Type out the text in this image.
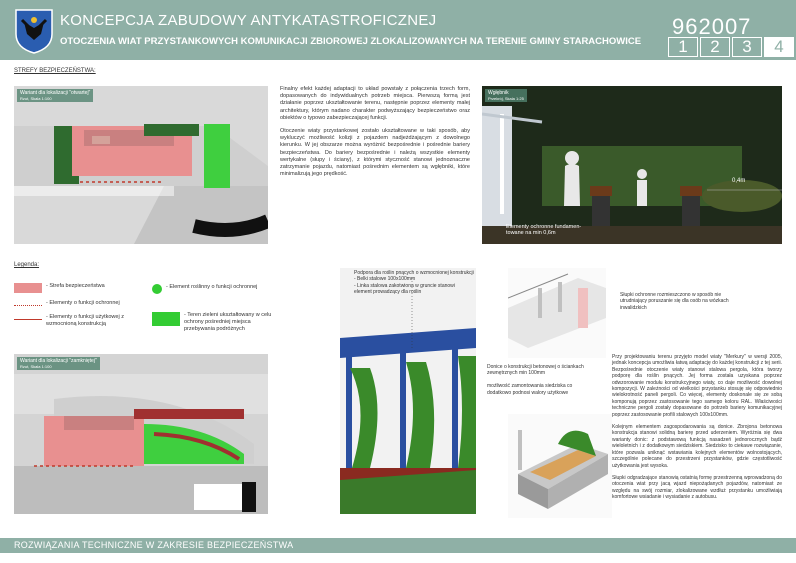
KONCEPCJA ZABUDOWY ANTYKATASTROFICZNEJ
OTOCZENIA WIAT PRZYSTANKOWYCH KOMUNIKACJI ZBIOROWEJ ZLOKALIZOWANYCH NA TERENIE GMINY STARACHOWICE
962007
1	2	3	4
STREFY BEZPIECZEŃSTWA:
Wariant dla lokalizacji "otwartej"
Rzut, Skala 1:100

Finalny efekt każdej adaptacji to układ powstały z połączenia trzech form, dopasowanych do indywidualnych potrzeb miejsca. Pierwszą formą jest działanie poprzez ukształtowanie terenu, następnie poprzez elementy małej architektury, którym nadano charakter podwyższający bezpieczeństwo oraz obiektów o typowo zabezpieczającej funkcji.

Otoczenie wiaty przystankowej zostało ukształtowane w taki sposób, aby wykluczyć możliwość kolizji z pojazdem nadjeżdżającym z dowolnego kierunku. W jej obszarze można wyróżnić bezpośrednie i pośrednie bariery bezpieczeństwa. Do bariery bezpośrednie i należą wszystkie elementy wertykalne (słupy i ściany), z którymi styczność stanowi jednoznaczne zatrzymanie pojazdu, natomiast pośrednim elementem są wgłębniki, które minimalizują jego prędkość.

Wgłębnik
Przekrój, Skala 1:25
0,4m
Elementy ochronne fundamen-
towane na min 0,6m
Legenda:
- Strefa bezpieczeństwa
- Elementy o funkcji ochronnej
- Elementy o funkcji użytkowej z wzmocnioną konstrukcją
- Element roślinny o funkcji ochronnej
- Teren zieleni ukształtowany w celu ochrony pośredniej miejsca przebywania podróżnych
Wariant dla lokalizacji "zamkniętej"
Rzut, Skala 1:100
Podpora dla roślin pnących o wzmocnionej konstrukcji
- Belki stalowe 100x100mm
- Linka stalowa zakotwiona w gruncie stanowi element prowadzący dla roślin	Słupki ochronne rozmieszczono w sposób nie utrudniający poruszanie się dla osób na wózkach inwalidzkich
Donice o konstrukcji betonowej o ściankach zewnętrznych min 100mm

możliwość zamontowania siedziska co dodatkowo podnosi walory użytkowe

Przy projektowaniu terenu przyjęto model wiaty "Merkury" w wersji 2005, jednak koncepcja umożliwia łatwą adaptację do każdej konstrukcji z tej serii. Bezpośrednie otoczenie wiaty stanowi stalowa pergola, która tworzy podporę dla roślin pnących. Jej forma została uzyskana poprzez odwzorowanie modułu konstrukcyjnego wiaty, co daje możliwość dowolnej kompozycji. W zależności od wielkości przystanku stosuję się odpowiednio wielokrotność paneli pergoli. Co więcej, elementy doskonale się ze sobą komponują poprzez zastosowanie tego samego koloru RAL. Właściwości techniczne pergoli zostały dopasowane do potrzeb bariery komunikacyjnej poprzez zastosowanie profili stalowych 100x100mm.

Kolejnym elementem zagospodarowania są donice. Zbrojona betonowa konstrukcja stanowi solidną barierę przed uderzeniem. Wyróżnia się dwa warianty donic: z podstawową funkcją nasadzeń jednorocznych bądź wieloletnich i z dodatkowym siedziskiem. Siedzisko to ciekawe rozwiązanie, które pozwala uniknąć wstawiania kolejnych elementów wolnostojących, szczególnie polecane do przestrzeni przystanków, gdzie częstotliwość użytkowania jest wysoka.

Słupki odgradzające stanowią ostatnią formę przestrzenną wprowadzoną do otoczenia wiat przy jacą wjazd niepożądanych pojazdów, natomiast ze względu na swój rozmiar, zlokalizowane wzdłuż przystanku umożliwiają komfortowe wsiadanie i wysiadanie z autobusu.

ROZWIĄZANIA TECHNICZNE W ZAKRESIE BEZPIECZEŃSTWA
